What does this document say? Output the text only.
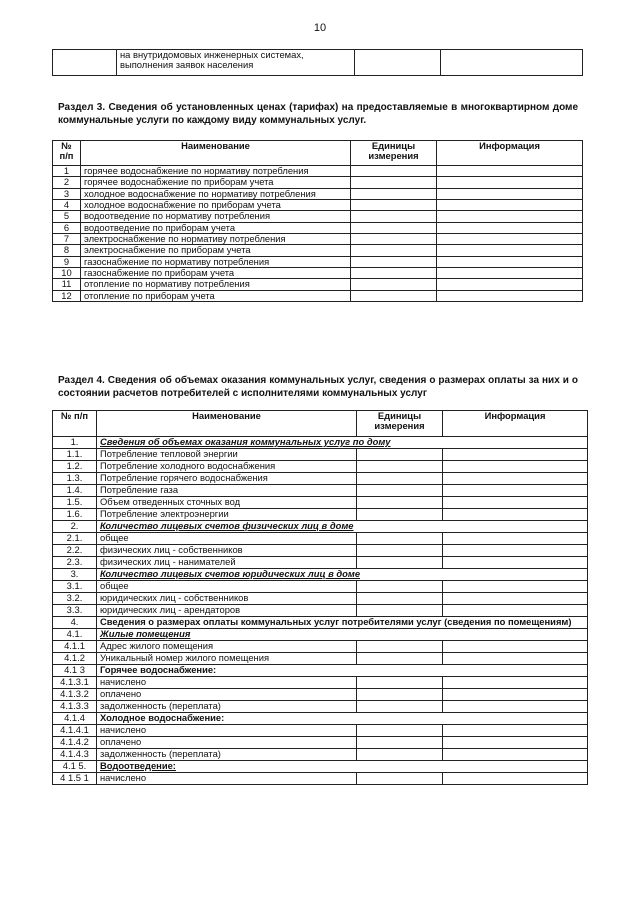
10
	на внутридомовых инженерных системах, выполнения заявок населения		
Раздел 3. Сведения об установленных ценах (тарифах) на предоставляемые в многоквартирном доме коммунальные услуги по каждому виду коммунальных услуг.
№ п/п	Наименование	Единицы измерения	Информация
1	горячее водоснабжение по нормативу потребления		
2	горячее водоснабжение по приборам учета		
3	холодное водоснабжение по нормативу потребления		
4	холодное водоснабжение по приборам учета		
5	водоотведение по нормативу потребления		
6	водоотведение по приборам учета		
7	электроснабжение по нормативу потребления		
8	электроснабжение по приборам учета		
9	газоснабжение по нормативу потребления		
10	газоснабжение по приборам учета		
11	отопление по нормативу потребления		
12	отопление по приборам учета		
Раздел 4. Сведения об объемах оказания коммунальных услуг, сведения о размерах оплаты за них и о состоянии расчетов потребителей с исполнителями коммунальных услуг
№ п/п	Наименование	Единицы измерения	Информация
1.	Сведения об объемах оказания коммунальных услуг по дому		
1.1.	Потребление тепловой энергии		
1.2.	Потребление холодного водоснабжения		
1.3.	Потребление горячего водоснабжения		
1.4.	Потребление газа		
1.5.	Объем отведенных сточных вод		
1.6.	Потребление электроэнергии		
2.	Количество лицевых счетов физических лиц в доме		
2.1.	общее		
2.2.	физических лиц - собственников		
2.3.	физических лиц - нанимателей		
3.	Количество лицевых счетов юридических лиц в доме		
3.1.	общее		
3.2.	юридических лиц - собственников		
3.3.	юридических лиц - арендаторов		
4.	Сведения о размерах оплаты коммунальных услуг потребителями услуг (сведения по помещениям)		
4.1.	Жилые помещения		
4.1.1	Адрес жилого помещения		
4.1.2	Уникальный номер жилого помещения		
4.1 3	Горячее водоснабжение:		
4.1.3.1	начислено		
4.1.3.2	оплачено		
4.1.3.3	задолженность (переплата)		
4.1.4	Холодное водоснабжение:		
4.1.4.1	начислено		
4.1.4.2	оплачено		
4.1.4.3	задолженность (переплата)		
4.1 5.	Водоотведение:		
4 1.5 1	начислено		
